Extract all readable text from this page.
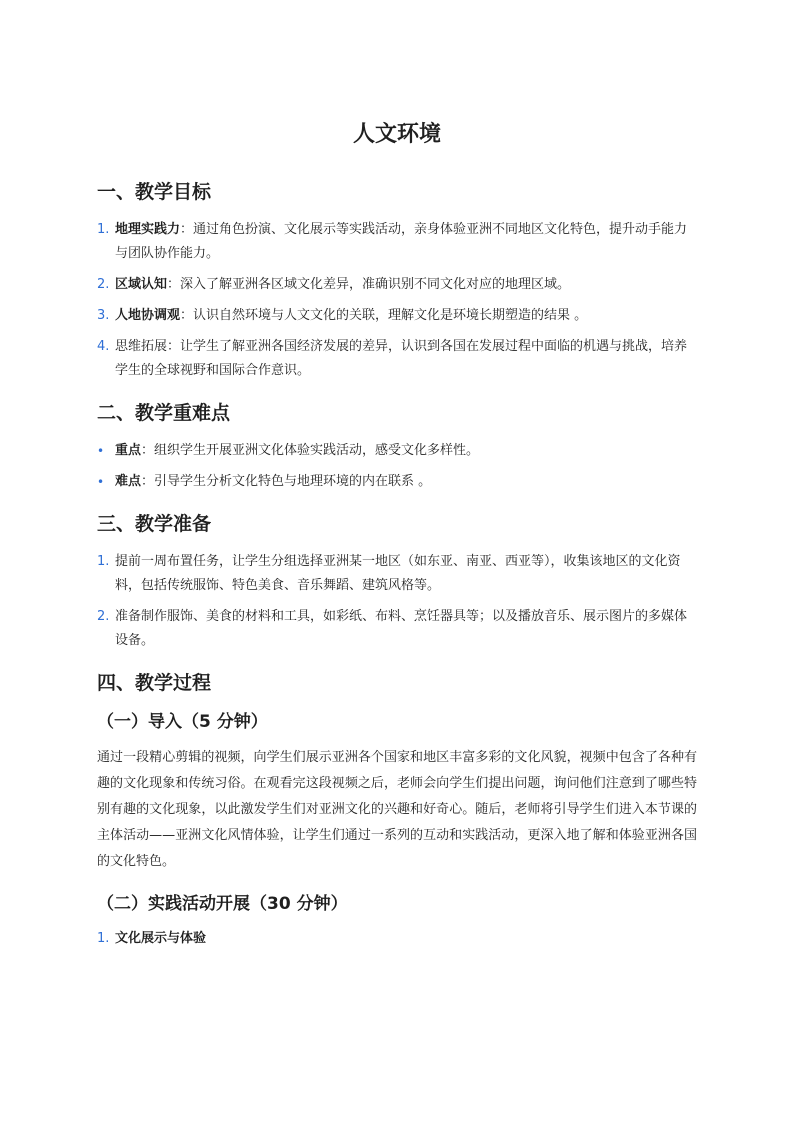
人文环境
一、教学目标
1. 地理实践力：通过角色扮演、文化展示等实践活动，亲身体验亚洲不同地区文化特色，提升动手能力与团队协作能力。
2. 区域认知：深入了解亚洲各区域文化差异，准确识别不同文化对应的地理区域。
3. 人地协调观：认识自然环境与人文文化的关联，理解文化是环境长期塑造的结果 。
4. 思维拓展：让学生了解亚洲各国经济发展的差异，认识到各国在发展过程中面临的机遇与挑战，培养学生的全球视野和国际合作意识。
二、教学重难点
• 重点：组织学生开展亚洲文化体验实践活动，感受文化多样性。
• 难点：引导学生分析文化特色与地理环境的内在联系 。
三、教学准备
1. 提前一周布置任务，让学生分组选择亚洲某一地区（如东亚、南亚、西亚等），收集该地区的文化资料，包括传统服饰、特色美食、音乐舞蹈、建筑风格等。
2. 准备制作服饰、美食的材料和工具，如彩纸、布料、烹饪器具等；以及播放音乐、展示图片的多媒体设备。
四、教学过程
（一）导入（5 分钟）

通过一段精心剪辑的视频，向学生们展示亚洲各个国家和地区丰富多彩的文化风貌，视频中包含了各种有趣的文化现象和传统习俗。在观看完这段视频之后，老师会向学生们提出问题，询问他们注意到了哪些特别有趣的文化现象，以此激发学生们对亚洲文化的兴趣和好奇心。随后，老师将引导学生们进入本节课的主体活动——亚洲文化风情体验，让学生们通过一系列的互动和实践活动，更深入地了解和体验亚洲各国的文化特色。

（二）实践活动开展（30 分钟）
1. 文化展示与体验
